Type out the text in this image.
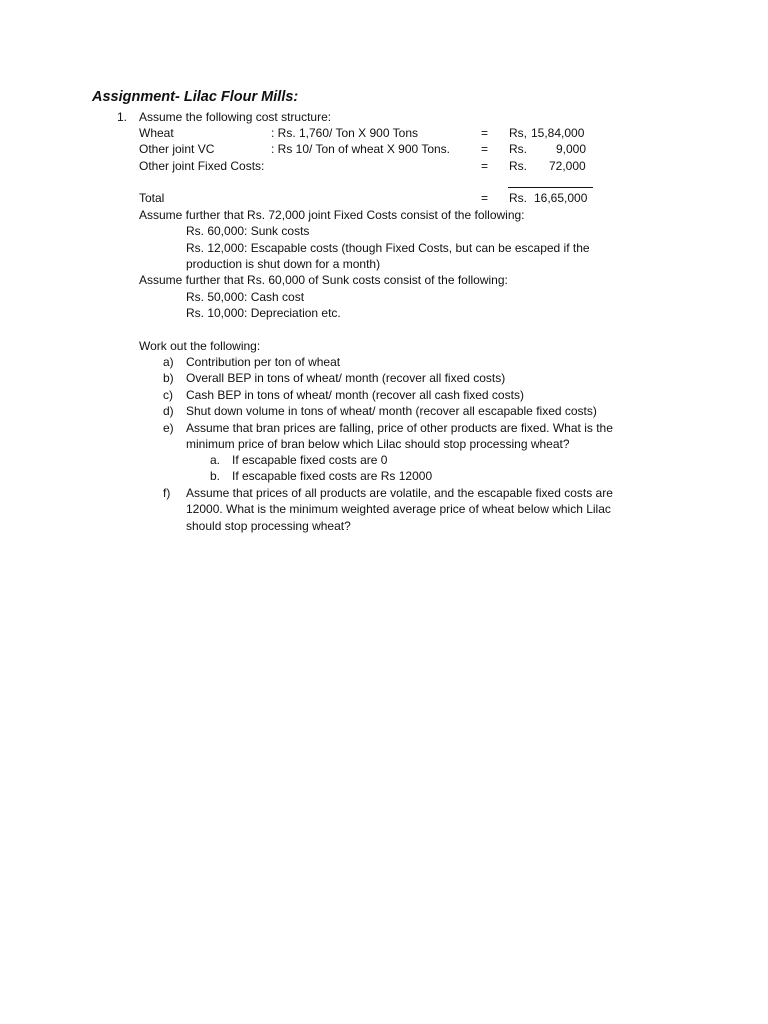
Assignment- Lilac Flour Mills:
1. Assume the following cost structure:
Wheat	: Rs. 1,760/ Ton X 900 Tons	= Rs, 15,84,000
Other joint VC	: Rs 10/ Ton of wheat X 900 Tons.	= Rs. 9,000
Other joint Fixed Costs:	= Rs. 72,000
Total	= Rs. 16,65,000
Assume further that Rs. 72,000 joint Fixed Costs consist of the following:
Rs. 60,000: Sunk costs
Rs. 12,000: Escapable costs (though Fixed Costs, but can be escaped if the
production is shut down for a month)
Assume further that Rs. 60,000 of Sunk costs consist of the following:
Rs. 50,000: Cash cost
Rs. 10,000: Depreciation etc.
Work out the following:
a) Contribution per ton of wheat
b) Overall BEP in tons of wheat/ month (recover all fixed costs)
c) Cash BEP in tons of wheat/ month (recover all cash fixed costs)
d) Shut down volume in tons of wheat/ month (recover all escapable fixed costs)
e) Assume that bran prices are falling, price of other products are fixed. What is the
minimum price of bran below which Lilac should stop processing wheat?
a. If escapable fixed costs are 0
b. If escapable fixed costs are Rs 12000
f) Assume that prices of all products are volatile, and the escapable fixed costs are
12000. What is the minimum weighted average price of wheat below which Lilac
should stop processing wheat?
